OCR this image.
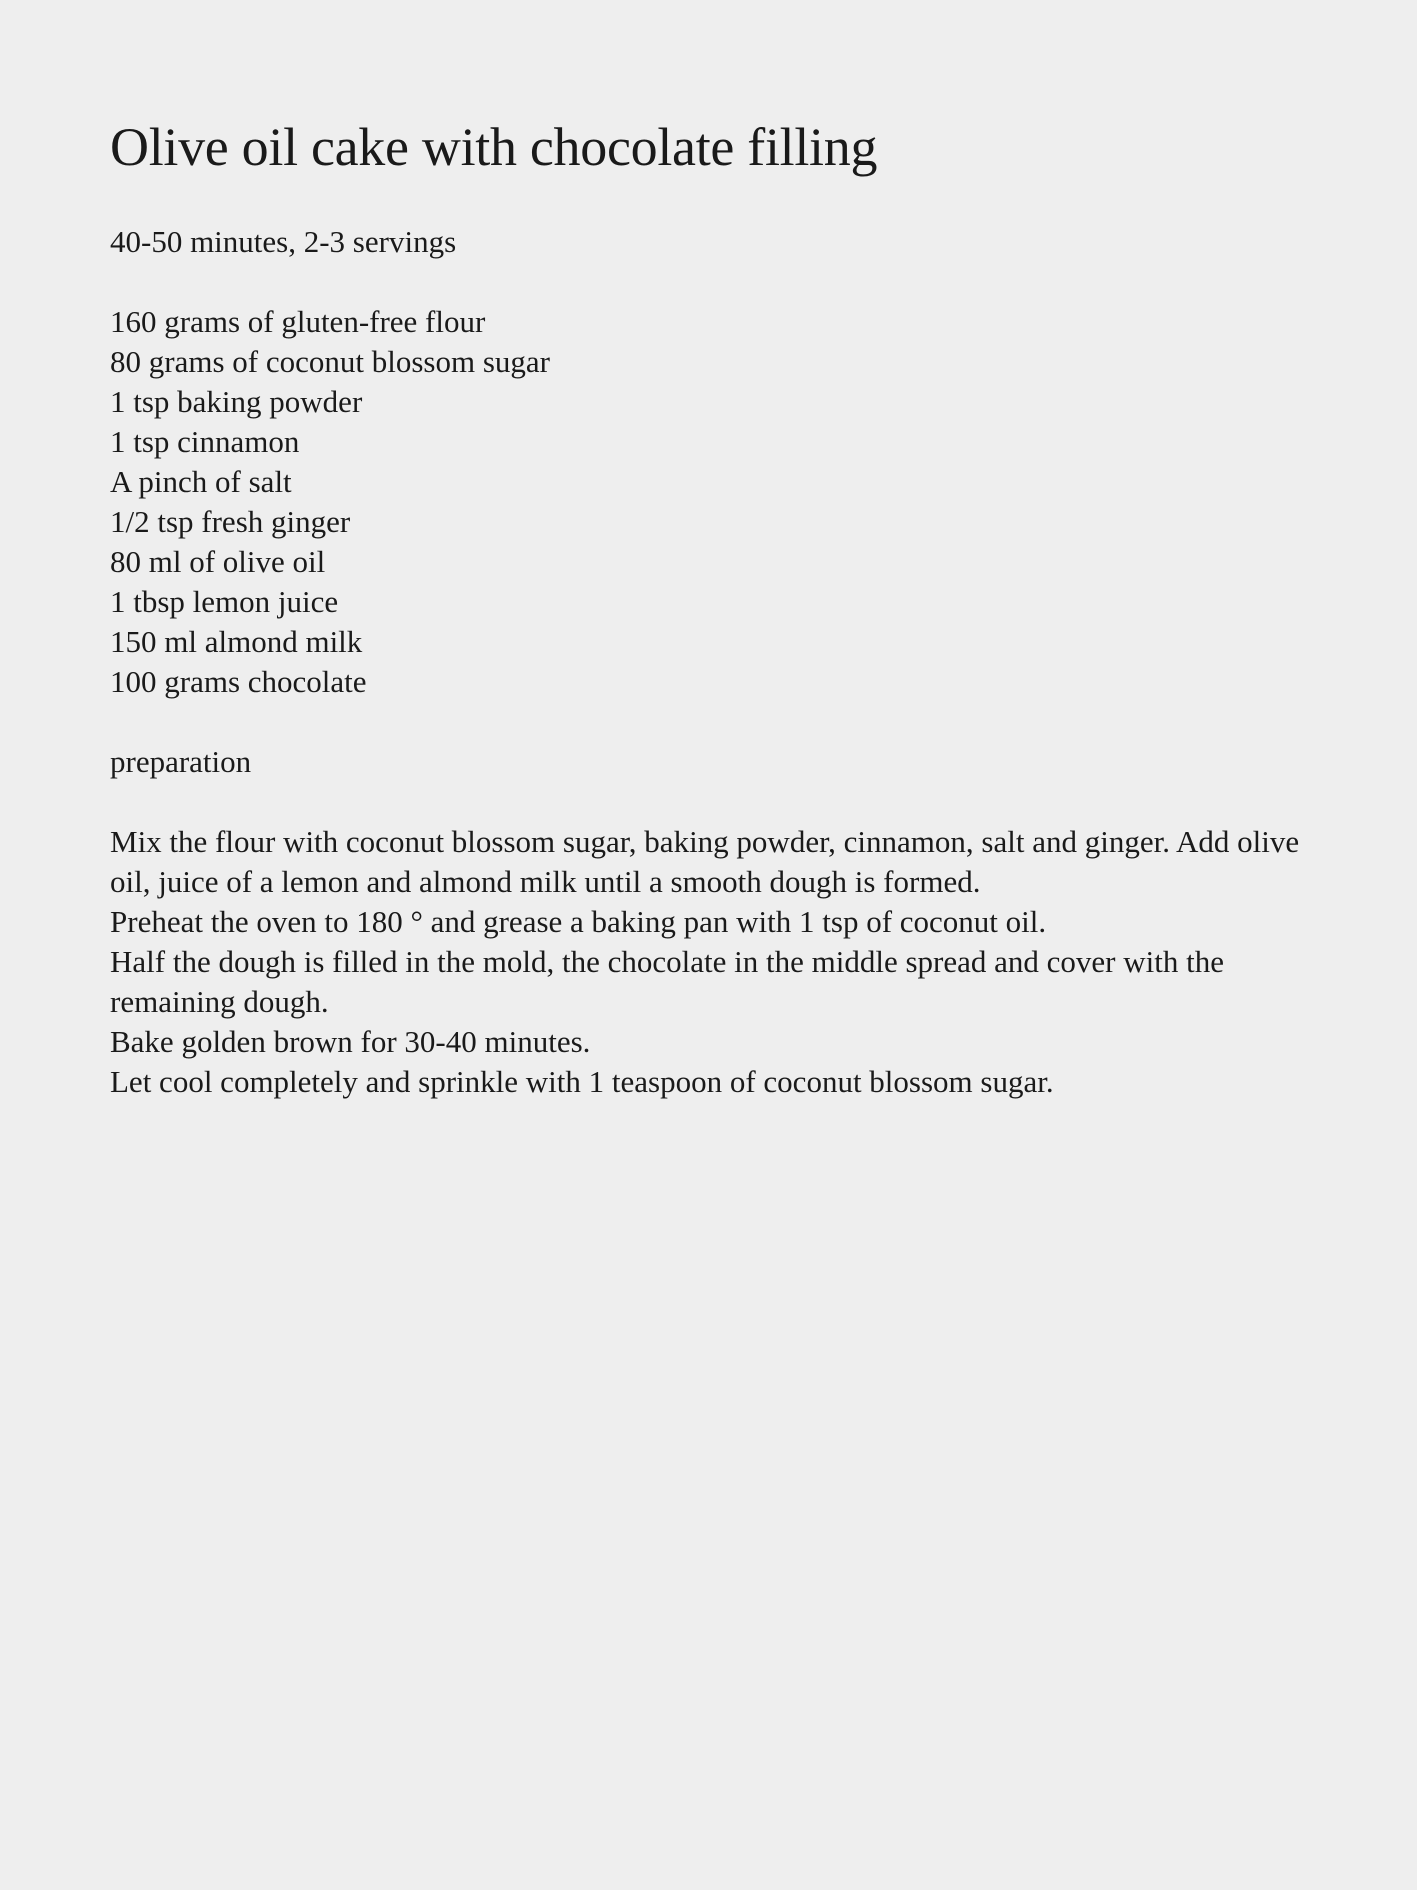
Olive oil cake with chocolate filling
40-50 minutes, 2-3 servings
160 grams of gluten-free flour
80 grams of coconut blossom sugar
1 tsp baking powder
1 tsp cinnamon
A pinch of salt
1/2 tsp fresh ginger
80 ml of olive oil
1 tbsp lemon juice
150 ml almond milk
100 grams chocolate
preparation

Mix the flour with coconut blossom sugar, baking powder, cinnamon, salt and ginger. Add olive oil, juice of a lemon and almond milk until a smooth dough is formed.

Preheat the oven to 180 ° and grease a baking pan with 1 tsp of coconut oil.

Half the dough is filled in the mold, the chocolate in the middle spread and cover with the remaining dough.

Bake golden brown for 30-40 minutes.

Let cool completely and sprinkle with 1 teaspoon of coconut blossom sugar.
